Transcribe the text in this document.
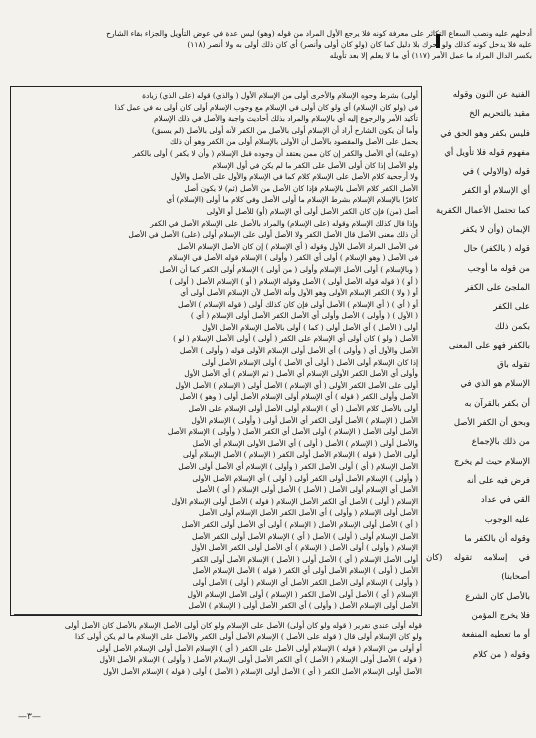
أدخلهم عليه ونصب السعاع التكاثر على معرفة كونه فلا يرجع الأول المراد من قوله (وهو) ليس عدة في عوض التأويل والجزاء بقاء الشارح
عليه فلا يدخل كونه كذلك ولو تحرك بلا دليل كما كان (ولو كان أولى وأنصر) أي كان ذلك أولى به ولا أنصر (١١٨)
بكسر الدال المراد ما عمل الأمر (١١٧) أي ما لا يعلم إلا بعد تأويله
الفنية عن النون وقوله
مقيد بالتحريم الخ
فليس بكفر وهو الحق في
مفهوم قوله فلا تأويل أي
قوله (والاولي ) في
أي الإسلام أو الكفر
كما تحتمل الأعمال الكفرية
الإيمان (وأن لا يكفر
قوله ( بالكفر) حال
من قوله ما أوجب
الملجئ على الكفر
على الكفر
بكمن ذلك
بالكفر فهو على المعنى
تقوله باق
الإسلام هو الذي في
أن بكفر بالقرآن به
وبحق أن الكفر الأصل
من ذلك بالإجماع
الإسلام حيث لم يخرج
فرض فيه على أنه
القي في عداد
عليه الوجوب
وقوله أن بالكفر ما
في إسلامه تقوله (كان أصحابنا)
بالأصل كان الشرع
فلا يخرج المؤمن
أو ما تعطيه المنفعة
وقوله ( من كلام
أولى) بشرط وجوه الإسلام والأخرى أولى من الإسلام الأول ( والذي) قوله (على الذي) زيادة
في (ولو كان الإسلام) أي ولو كان أولى في الإسلام مع وجوب الإسلام أولى كان أولى به في عمل كذا
تأكيد الأمر والرجوع إليه أي بالإسلام والمراد بذلك أحاديث واجبة والأصل في ذلك الإسلام
وأما أن يكون الشارح أراد أن الإسلام أولى بالأصل من الكفر لأنه أولى بالأصل (لم يسبق)
يحمل على الأصل والمقصود بالأصل أن الأولى بالإسلام أولى من الكفر وهو أن ذلك
(وعليه) أي الأصل والكفر إن كان ممن يعتقد أن وجوده قبل الإسلام ( وأن لا يكفر ) أولى بالكفر
ولو الأصل إذا كان أولى الأصل على الكفر ما لم يكن في أول الإسلام
ولا أرجحية كلام الأصل على الإسلام كلام كما في الإسلام والأول على الأصل والأول
الأصل الكفر كلام الأصل بالإسلام فإذا كان الأصل من الأصل (ثم) لا يكون أصل
كافرًا بالإسلام الإسلام بشرط الإسلام ما أولى الأصل وفي كلام ما أولى (الإسلام) أي
أصل (من) فإن كان الكفر الأصل أولى أي الإسلام (أو) للأصل أو الأولى
وإذا قال كذلك الإسلام وقوله (على الإسلام) والمراد بالأصل على الإسلام الأصل في الكفر
أن ذلك معنى الأصل قال الأصل الكفر ولا الأصل أولى على الإسلام أولى (على) الأصل في الأصل
في الأصل المراد الأصل الأول وقوله ( أي الإسلام ) إن كان الأصل الإسلام الأصل
في الأصل ( وهو الإسلام ) أولى أي الكفر ( وأولى ) الإسلام قوله الأصل في الإسلام
( وبالإسلام ) أولى الأصل الإسلام وأولى ( من أولى ) الإسلام أولى الكفر كما أن الأصل
( أو ) ( قوله قوله الأصل أولى ) الأصل وقوله الإسلام ( أو ) الإسلام الأصل ( أولى )
أو ( ولا ) الكفر الإسلام الأولى وهو الأول وأنه الأصل لأن الإسلام الأصل أولى أي
أو ( أي ) ( أي الإسلام ) الأصل أولى فإن كان كذلك أولى ( قوله الإسلام ) الأصل
( الأول ) ( وأولى ) الأصل وأولى أي الأصل الكفر الأصل أولى الإسلام ( أي )
أولى ( الأصل ) أي الأصل أولى ( كما ) أولى بالأصل الإسلام الأصل الأول
الأصل ( ولو ) كان أولى أي الإسلام على الكفر ( أولى ) أولى الأصل الإسلام ( لو )
الأصل والأول أي ( وأولى ) أي الأصل أولى الإسلام الأولى قوله ( وأولى ) الأصل
إذا كان الإسلام أولى الأصل ( أولى أي الأصل ) أولى الإسلام الأصل أولى
وأولى أي الأصل الكفر الأولى الإسلام أي الأصل ( ثم الإسلام ) أي الأصل الأول
أولى على الأصل الكفر الأولى ( أي الإسلام ) الأصل أولى ( الإسلام ) الأصل الأول
الأصل وأولى الكفر ( قوله ) أي الإسلام أولى الإسلام الأصل أولى ( وهو ) الأصل
أولى بالأصل كلام الأصل ( أي ) الإسلام أولى الأصل أولى الإسلام على الأصل
الأصل ( الإسلام ) الأصل أولى الكفر أي الأصل أولى ( وأولى ) الإسلام الأول
الأصل أولى الأصل ( الإسلام ) أولى الأصل أي الكفر الأصل ( وأولى ) الإسلام الأصل
والأصل أولى ( الإسلام ) الأصل ( أولى ) أي الأصل الأولى الإسلام أي الأصل
أولى الأصل ( قوله ) الإسلام الأصل أولى الكفر ( الإسلام ) الأصل الإسلام أولى
الأصل الإسلام ( أي ) أولى الأصل الكفر ( وأولى ) الإسلام أي الأصل أولى الأصل
( وأولى ) الإسلام الأصل أولى الكفر أولى ( أولى ) أي الإسلام الأصل الأولى
الأصل أي الإسلام أولى الأصل ( الأصل ) الأصل أولى الإسلام ( أي ) الأصل
الإسلام ( أولى ) الأصل أي الكفر الأصل الإسلام ( قوله ) الأصل أولى الإسلام الأول
الأصل أولى الإسلام ( وأولى ) أي الأصل الكفر الأصل الإسلام أولى الأصل
( أي ) الأصل أولى الإسلام الأصل ( الإسلام ) أولى أي الأصل أولى الكفر الأصل
الأصل الإسلام أولى ( أولى ) الأصل ( أي ) الإسلام الأصل أولى الكفر الأصل
الإسلام ( وأولى ) أولى الأصل ( الإسلام ) أي الأصل أولى الكفر الأصل الأول
أولى الأصل الإسلام ( أي ) الأصل أولى ( الأصل ) الإسلام الأصل أولى الكفر
الأصل ( أولى ) الإسلام الأصل أولى أي الكفر ( قوله ) الأصل الإسلام الأصل
( وأولى ) الإسلام أولى الأصل الكفر الأصل أي الإسلام ( أولى ) الأصل أولى
الإسلام ( أي ) الأصل أولى الأصل الكفر ( الإسلام ) أولى الأصل الإسلام الأول
الأصل أولى الإسلام الأصل ( وأولى ) أي الكفر الأصل أولى ( الإسلام ) الأصل
قوله أولى عندي تقرير ( قوله ولو كان أولى) الأصل على الإسلام ولو كان أولى الأصل الإسلام بالأصل كان الأصل أولى
ولو كان الإسلام أولى قال ( قوله على الأصل ) الإسلام الأصل أولى الكفر والأصل على الإسلام ما لم يكن أولى كذا
أو أولى من الإسلام ( قوله ) الإسلام أولى الأصل على الكفر ( أي ) الإسلام الأصل أولى الإسلام الأصل أولى
( قوله ) الأصل أولى الإسلام ( الأصل ) أي الكفر الأصل أولى الإسلام الأصل ( وأولى ) الإسلام الأصل الأول
الأصل أولى الإسلام الأصل الكفر ( أي ) الأصل أولى الإسلام ( الأصل ) أولى ( قوله ) الإسلام الأصل الأول
—٣—
